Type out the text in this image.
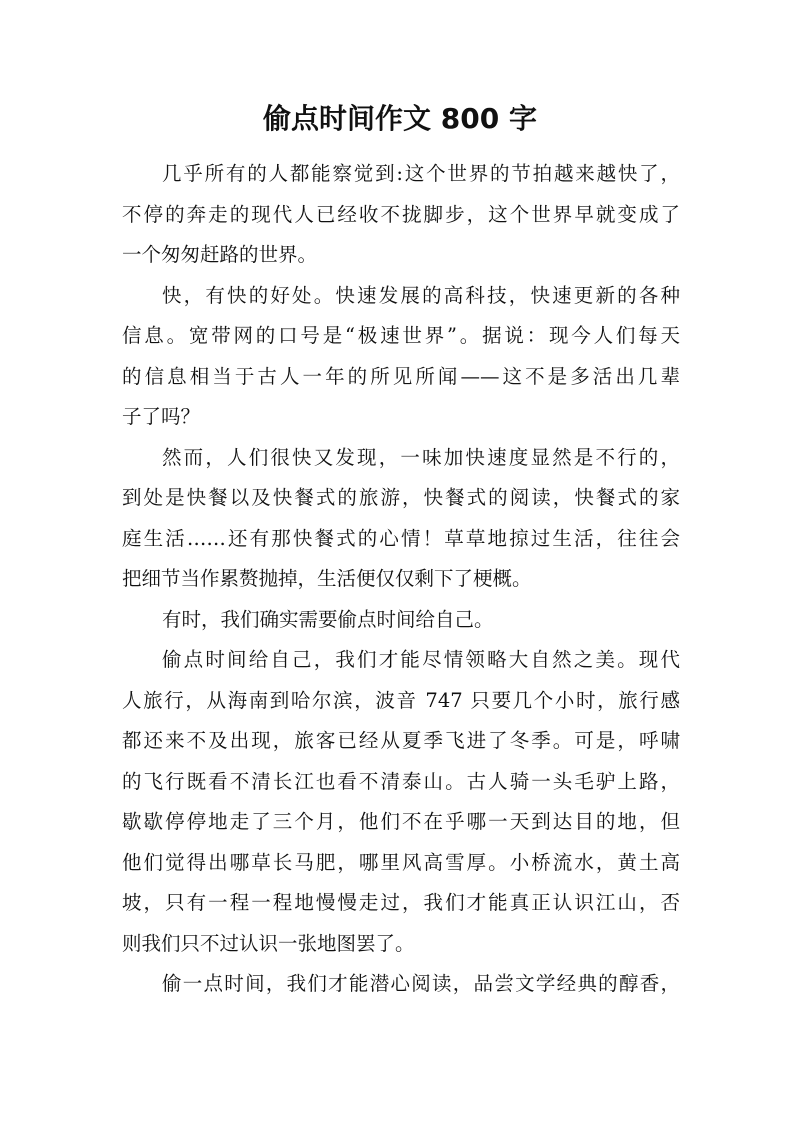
偷点时间作文 800 字

几乎所有的人都能察觉到:这个世界的节拍越来越快了，
不停的奔走的现代人已经收不拢脚步，这个世界早就变成了
一个匆匆赶路的世界。

快，有快的好处。快速发展的高科技，快速更新的各种
信息。宽带网的口号是“极速世界”。据说：现今人们每天
的信息相当于古人一年的所见所闻——这不是多活出几辈
子了吗？

然而，人们很快又发现，一味加快速度显然是不行的，
到处是快餐以及快餐式的旅游，快餐式的阅读，快餐式的家
庭生活……还有那快餐式的心情！草草地掠过生活，往往会
把细节当作累赘抛掉，生活便仅仅剩下了梗概。

有时，我们确实需要偷点时间给自己。

偷点时间给自己，我们才能尽情领略大自然之美。现代
人旅行，从海南到哈尔滨，波音 747 只要几个小时，旅行感
都还来不及出现，旅客已经从夏季飞进了冬季。可是，呼啸
的飞行既看不清长江也看不清泰山。古人骑一头毛驴上路，
歇歇停停地走了三个月，他们不在乎哪一天到达目的地，但
他们觉得出哪草长马肥，哪里风高雪厚。小桥流水，黄土高
坡，只有一程一程地慢慢走过，我们才能真正认识江山，否
则我们只不过认识一张地图罢了。

偷一点时间，我们才能潜心阅读，品尝文学经典的醇香，
